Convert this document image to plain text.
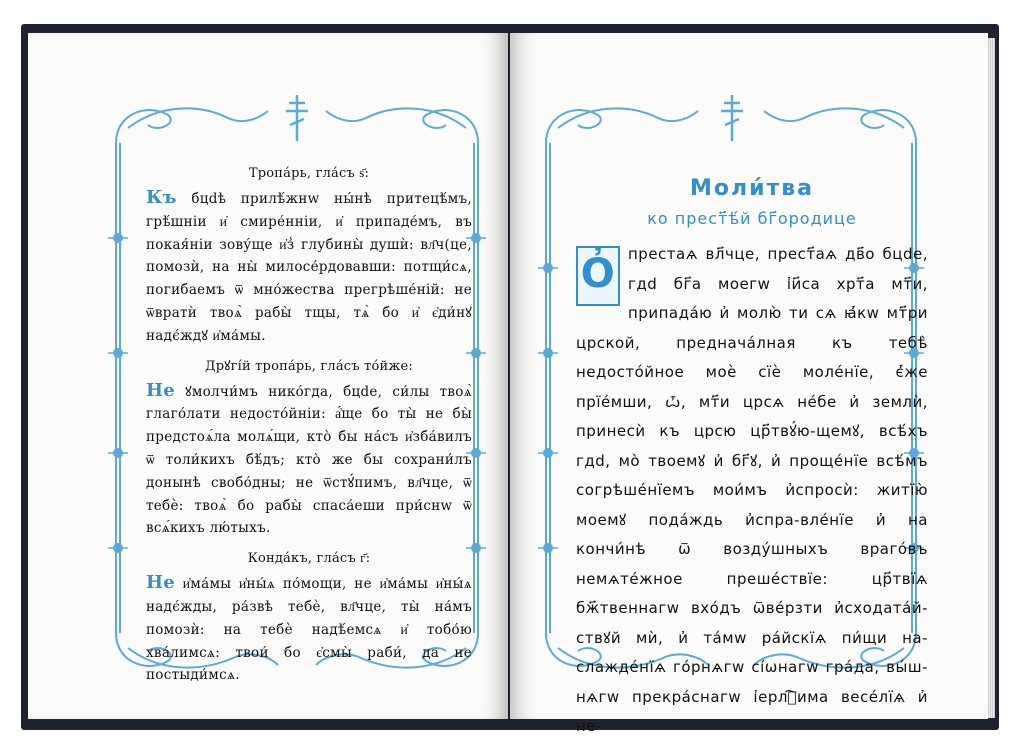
Тропа́рь, гла́съ ѕ҃:

Къ бцdѣ прилѣ́жнw ны́нѣ притецѣ́мъ, грѣ́шніи и҆ смире́нніи, и҆ припаде́мъ, въ покая́ніи зову́ще и҆з̾ глубины̀ душѝ: вл҃ч(це, помозѝ, на ны̀ милосе́рдовавши: потщи́сѧ, погибаемъ ѿ мно́жества прегрѣше́ній: не ѿвратѝ твоѧ̀ рабы̀ тщы, тѧ̀ бо и҆ є҆ди́нꙋ надє́ждꙋ и҆ма́мы.

Дрꙋгі́й тропа́рь, гла́съ то́йже:

Не ꙋмолчи́мъ нико́гда, бцdе, си́лы твоѧ̀ глаго́лати недосто́йніи: а҆́ще бо ты̀ не бы̀ предстоѧ́ла молѧ́щи, кто̀ бы на́съ и҆зба́вилъ ѿ толи́кихъ бѣ́дъ; кто̀ же бы сохрани́лъ донынѣ свобо́дны; не ѿстꙋ́пимъ, вл҃чце, ѿ тебѐ: твоѧ̀ бо рабы̀ спаса́еши при́снw ѿ всѧ́кихъ лю́тыхъ.

Конда́къ, гла́съ г҃:

Не и҆ма́мы и҆ны́ѧ по́мощи, не и҆ма́мы и҆ны́ѧ надє́жды, ра́звѣ тебѐ, вл҃чце, ты̀ на́мъ помозѝ: на тебѐ надѣ́емсѧ и҆ тобо́ю хва́лимсѧ: твои́ бо є҆смы̀ раби́, да не постыди́мсѧ.

Моли́тва

ко прест҃ѣ́й бг҃ородице

О҆ престаѧ вл҃чце, прест҃аѧ дв҃о бцdе, гдd бг҃а моегw і҆и҃са хрт҃а мт҃и, припада́ю и҆ молю̀ ти сѧ ꙗ҆́кw мт҃ри црcкой, преднача́лная къ тебѣ̀ недосто́йное моѐ сїѐ моле́нїе, є҆́же прїе́мши, ѽ, мт҃и црcѧ не́бе и҆ землѝ, принесѝ къ црcю цр҃твꙋ́ю-щемꙋ, всѣ́хъ гдd, мо̀ твоемꙋ и҆ бг҃ꙋ, и҆ проще́нїе всѣ́мъ согрѣше́нїемъ мои́мъ и҆спросѝ: житїю̀ моемꙋ пода́ждь и҆спра-вле́нїе и҆ на кончи́нѣ ѿ возду́шныхъ враго́въ немѧте́жное преше́ствїе: цр҃твїѧ бж҃твеннагw вхо́дъ ѿве́рзти и҆сходата́й-ствꙋй мѝ, и҆ та́мw ра́йскїѧ пи́щи на-слажде́нїѧ го́рнѧгw сі́ѡнагw гра́да, вы́ш-нѧгw прекра́снагw і҆ерлⷭ҇има весе́лїѧ и҆ не-
